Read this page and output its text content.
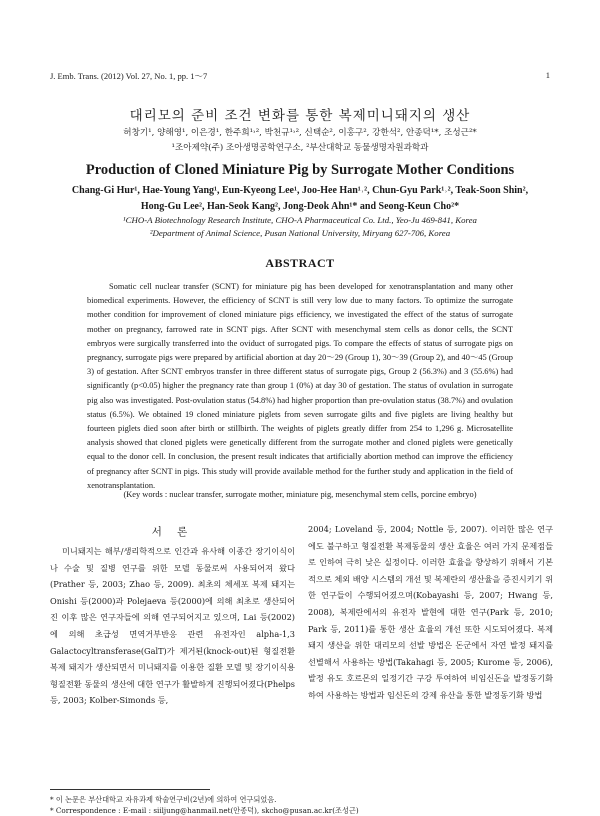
J. Emb. Trans. (2012) Vol. 27, No. 1, pp. 1～7	1
대리모의 준비 조건 변화를 통한 복제미니돼지의 생산
허창기¹, 양해영¹, 이은경¹, 한주희¹˒², 박천규¹˒², 신택순², 이홍구², 강한석², 안종덕¹*, 조성근²*
¹조아제약(주) 조아생명공학연구소, ²부산대학교 동물생명자원과학과
Production of Cloned Miniature Pig by Surrogate Mother Conditions
Chang-Gi Hur¹, Hae-Young Yang¹, Eun-Kyeong Lee¹, Joo-Hee Han¹˒², Chun-Gyu Park¹˒², Teak-Soon Shin², Hong-Gu Lee², Han-Seok Kang², Jong-Deok Ahn¹* and Seong-Keun Cho²*
¹CHO-A Biotechnology Research Institute, CHO-A Pharmaceutical Co. Ltd., Yeo-Ju 469-841, Korea
²Department of Animal Science, Pusan National University, Miryang 627-706, Korea
ABSTRACT

Somatic cell nuclear transfer (SCNT) for miniature pig has been developed for xenotransplantation and many other biomedical experiments. However, the efficiency of SCNT is still very low due to many factors. To optimize the surrogate mother condition for improvement of cloned miniature pigs efficiency, we investigated the effect of the status of surrogate mother on pregnancy, farrowed rate in SCNT pigs. After SCNT with mesenchymal stem cells as donor cells, the SCNT embryos were surgically transferred into the oviduct of surrogated pigs. To compare the effects of status of surrogate pigs on pregnancy, surrogate pigs were prepared by artificial abortion at day 20～29 (Group 1), 30～39 (Group 2), and 40～45 (Group 3) of gestation. After SCNT embryos transfer in three different status of surrogate pigs, Group 2 (56.3%) and 3 (55.6%) had significantly (p<0.05) higher the pregnancy rate than group 1 (0%) at day 30 of gestation. The status of ovulation in surrogate pig also was investigated. Post-ovulation status (54.8%) had higher proportion than pre-ovulation status (38.7%) and ovulation status (6.5%). We obtained 19 cloned miniature piglets from seven surrogate gilts and five piglets are living healthy but fourteen piglets died soon after birth or stillbirth. The weights of piglets greatly differ from 254 to 1,296 g. Microsatellite analysis showed that cloned piglets were genetically different from the surrogate mother and cloned piglets were genetically equal to the donor cell. In conclusion, the present result indicates that artificially abortion method can improve the efficiency of pregnancy after SCNT in pigs. This study will provide available method for the further study and application in the field of xenotransplantation.

(Key words : nuclear transfer, surrogate mother, miniature pig, mesenchymal stem cells, porcine embryo)
서 론

미니돼지는 해부/생리학적으로 인간과 유사해 이종간 장기이식이나 수술 및 질병 연구를 위한 모델 동물로써 사용되어져 왔다(Prather 등, 2003; Zhao 등, 2009). 최초의 체세포 복제 돼지는 Onishi 등(2000)과 Polejaeva 등(2000)에 의해 최초로 생산되어진 이후 많은 연구자들에 의해 연구되어지고 있으며, Lai 등(2002)에 의해 초급성 면역거부반응 관련 유전자인 alpha-1,3 Galactocyltransferase(GalT)가 제거된(knock-out)된 형질전환 복제 돼지가 생산되면서 미니돼지를 이용한 질환 모델 및 장기이식용 형질전환 동물의 생산에 대한 연구가 활발하게 진행되어졌다(Phelps 등, 2003; Kolber-Simonds 등,

2004; Loveland 등, 2004; Nottle 등, 2007). 이러한 많은 연구에도 불구하고 형질전환 복제동물의 생산 효율은 여러 가지 문제점들로 인하여 극히 낮은 실정이다. 이러한 효율을 향상하기 위해서 기본적으로 체외 배양 시스템의 개선 및 복제란의 생산율을 증진시키기 위한 연구들이 수행되어졌으며(Kobayashi 등, 2007; Hwang 등, 2008), 복제란에서의 유전자 발현에 대한 연구(Park 등, 2010; Park 등, 2011)를 통한 생산 효율의 개선 또한 시도되어졌다. 복제 돼지 생산을 위한 대리모의 선발 방법은 돈군에서 자연 발정 돼지를 선별해서 사용하는 방법(Takahagi 등, 2005; Kurome 등, 2006), 발정 유도 호르몬의 일정기간 구강 투여하여 비임신돈을 발정동기화 하여 사용하는 방법과 임신돈의 강제 유산을 통한 발정동기화 방법

* 이 논문은 부산대학교 자유과제 학술연구비(2년)에 의하여 연구되었음.
* Correspondence : E-mail : siiljung@hanmail.net(안종덕), skcho@pusan.ac.kr(조성근)
